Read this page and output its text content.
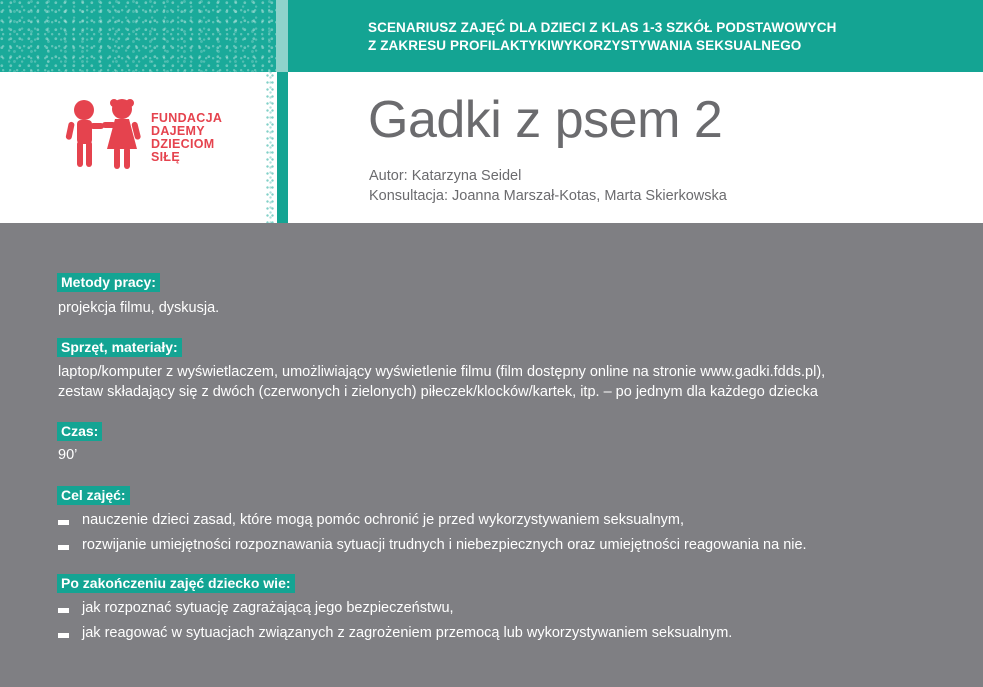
SCENARIUSZ ZAJĘĆ DLA DZIECI Z KLAS 1-3 SZKÓŁ PODSTAWOWYCH
Z ZAKRESU PROFILAKTYKIWYKORZYSTYWANIA SEKSUALNEGO
FUNDACJA
DAJEMY
DZIECIOM
SIŁĘ
Gadki z psem 2
Autor: Katarzyna Seidel
Konsultacja: Joanna Marszał-Kotas, Marta Skierkowska
Metody pracy:
projekcja filmu, dyskusja.
Sprzęt, materiały:
laptop/komputer z wyświetlaczem, umożliwiający wyświetlenie filmu (film dostępny online na stronie www.gadki.fdds.pl),
zestaw składający się z dwóch (czerwonych i zielonych) piłeczek/klocków/kartek, itp. – po jednym dla każdego dziecka
Czas:
90’
Cel zajęć:
nauczenie dzieci zasad, które mogą pomóc ochronić je przed wykorzystywaniem seksualnym,
rozwijanie umiejętności rozpoznawania sytuacji trudnych i niebezpiecznych oraz umiejętności reagowania na nie.
Po zakończeniu zajęć dziecko wie:
jak rozpoznać sytuację zagrażającą jego bezpieczeństwu,
jak reagować w sytuacjach związanych z zagrożeniem przemocą lub wykorzystywaniem seksualnym.
